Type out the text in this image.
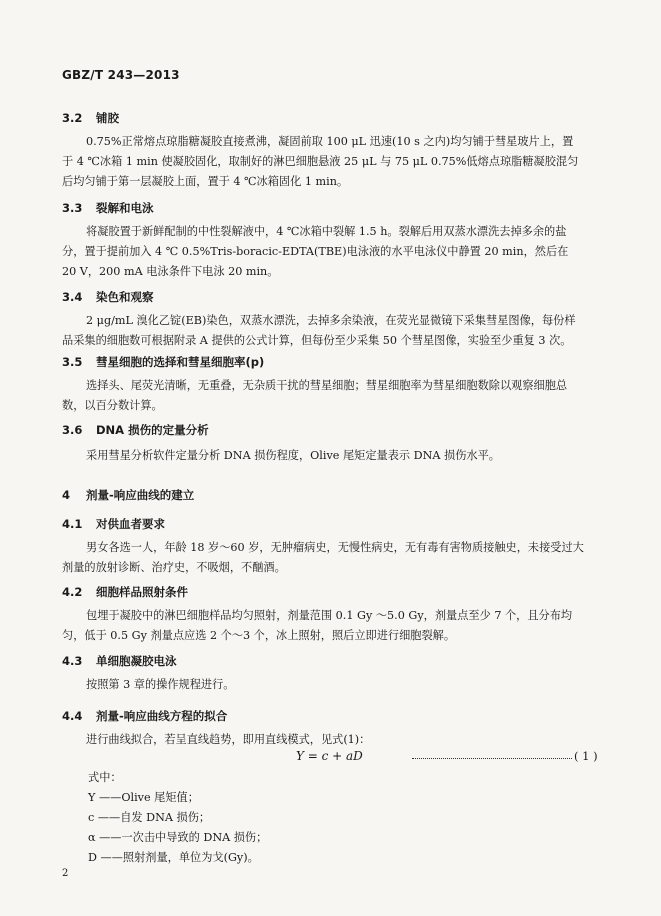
GBZ/T 243—2013
3.2 铺胶
0.75%正常熔点琼脂糖凝胶直接煮沸，凝固前取 100 μL 迅速(10 s 之内)均匀铺于彗星玻片上，置
于 4 ℃冰箱 1 min 使凝胶固化，取制好的淋巴细胞悬液 25 μL 与 75 μL 0.75%低熔点琼脂糖凝胶混匀
后均匀铺于第一层凝胶上面，置于 4 ℃冰箱固化 1 min。
3.3 裂解和电泳
将凝胶置于新鲜配制的中性裂解液中，4 ℃冰箱中裂解 1.5 h。裂解后用双蒸水漂洗去掉多余的盐
分，置于提前加入 4 ℃ 0.5%Tris-boracic-EDTA(TBE)电泳液的水平电泳仪中静置 20 min，然后在
20 V，200 mA 电泳条件下电泳 20 min。
3.4 染色和观察
2 μg/mL 溴化乙锭(EB)染色，双蒸水漂洗，去掉多余染液，在荧光显微镜下采集彗星图像，每份样
品采集的细胞数可根据附录 A 提供的公式计算，但每份至少采集 50 个彗星图像，实验至少重复 3 次。
3.5 彗星细胞的选择和彗星细胞率(p)
选择头、尾荧光清晰，无重叠，无杂质干扰的彗星细胞；彗星细胞率为彗星细胞数除以观察细胞总
数，以百分数计算。
3.6 DNA 损伤的定量分析
采用彗星分析软件定量分析 DNA 损伤程度，Olive 尾矩定量表示 DNA 损伤水平。
4 剂量-响应曲线的建立
4.1 对供血者要求
男女各选一人，年龄 18 岁～60 岁，无肿瘤病史，无慢性病史，无有毒有害物质接触史，未接受过大
剂量的放射诊断、治疗史，不吸烟，不酗酒。
4.2 细胞样品照射条件
包埋于凝胶中的淋巴细胞样品均匀照射，剂量范围 0.1 Gy ～5.0 Gy，剂量点至少 7 个，且分布均
匀，低于 0.5 Gy 剂量点应选 2 个～3 个，冰上照射，照后立即进行细胞裂解。
4.3 单细胞凝胶电泳
按照第 3 章的操作规程进行。
4.4 剂量-响应曲线方程的拟合
进行曲线拟合，若呈直线趋势，即用直线模式，见式(1)：
Y = c + aD	( 1 )
式中：
Y ——Olive 尾矩值；
c ——自发 DNA 损伤；
α ——一次击中导致的 DNA 损伤；
D ——照射剂量，单位为戈(Gy)。
2
